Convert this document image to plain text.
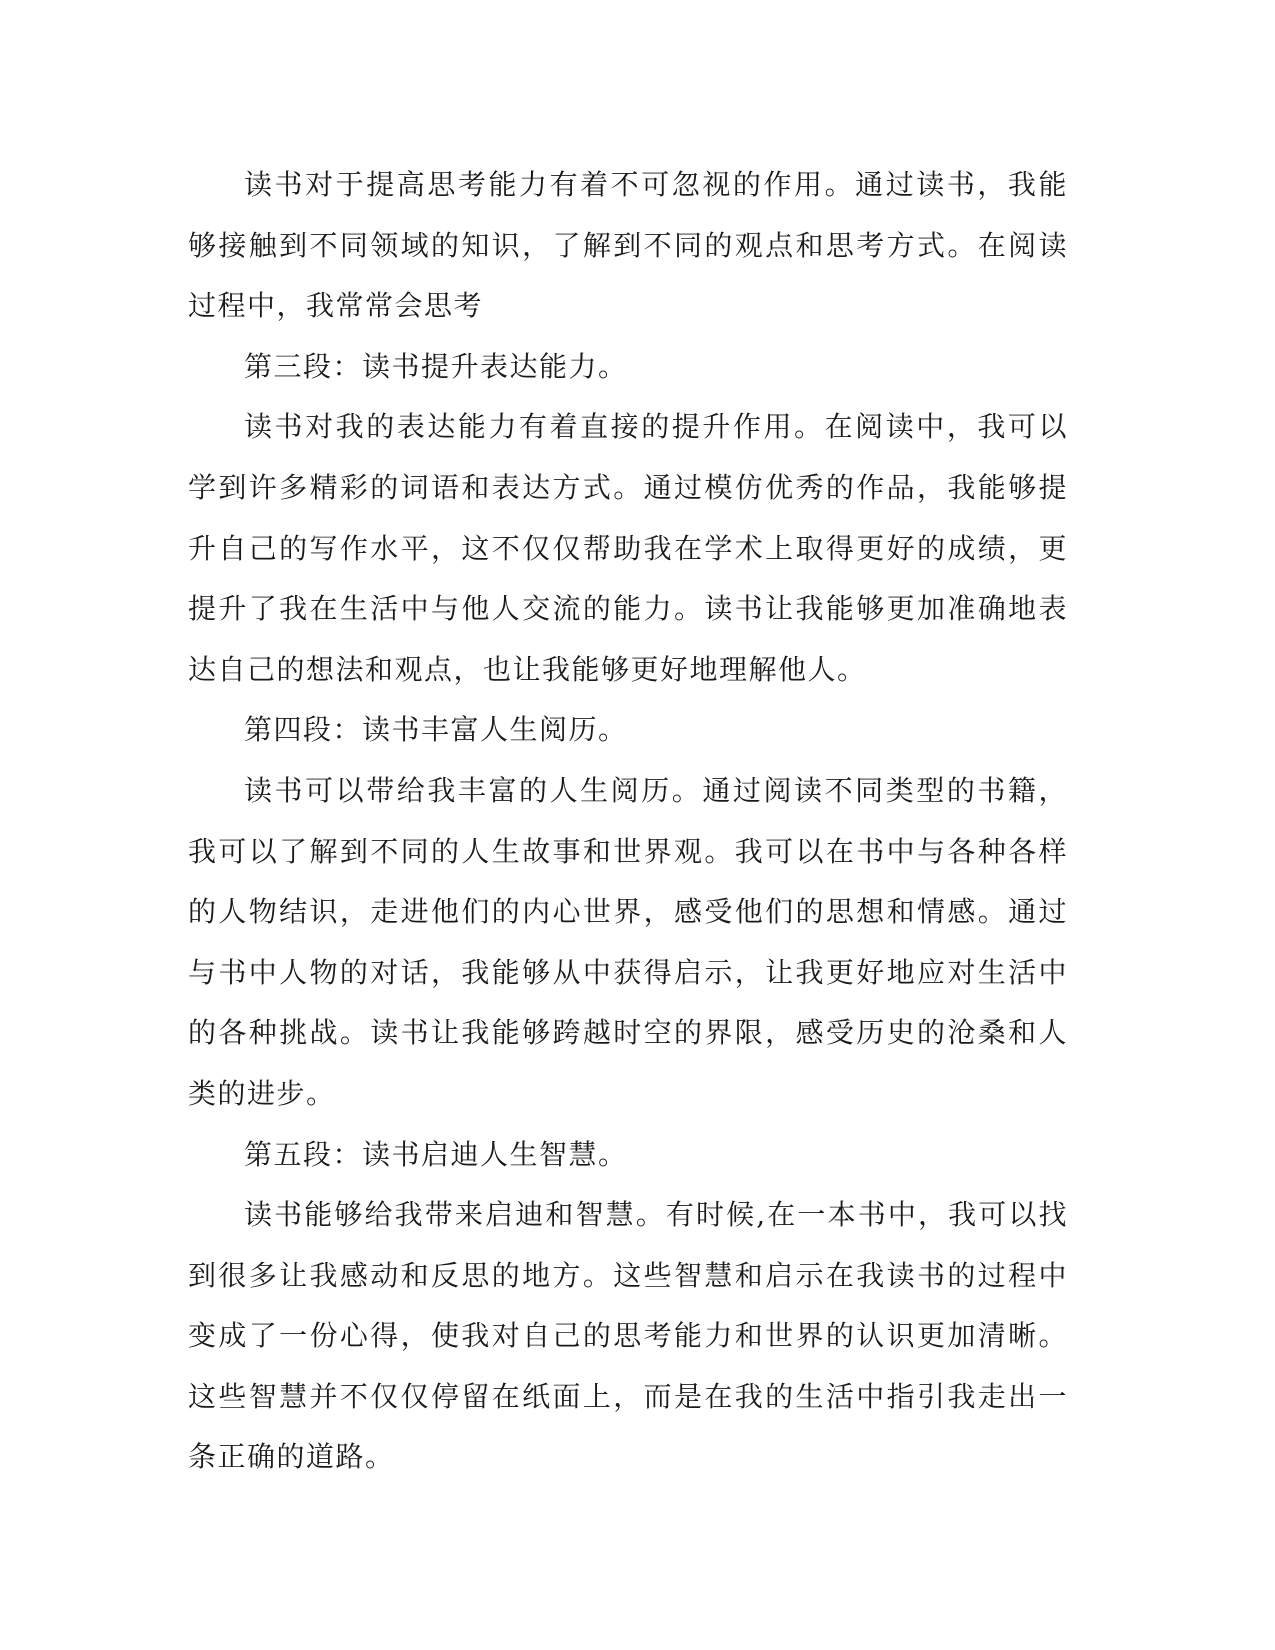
读书对于提高思考能力有着不可忽视的作用。通过读书，我能够接触到不同领域的知识，了解到不同的观点和思考方式。在阅读过程中，我常常会思考

第三段：读书提升表达能力。

读书对我的表达能力有着直接的提升作用。在阅读中，我可以学到许多精彩的词语和表达方式。通过模仿优秀的作品，我能够提升自己的写作水平，这不仅仅帮助我在学术上取得更好的成绩，更提升了我在生活中与他人交流的能力。读书让我能够更加准确地表达自己的想法和观点，也让我能够更好地理解他人。

第四段：读书丰富人生阅历。

读书可以带给我丰富的人生阅历。通过阅读不同类型的书籍，我可以了解到不同的人生故事和世界观。我可以在书中与各种各样的人物结识，走进他们的内心世界，感受他们的思想和情感。通过与书中人物的对话，我能够从中获得启示，让我更好地应对生活中的各种挑战。读书让我能够跨越时空的界限，感受历史的沧桑和人类的进步。

第五段：读书启迪人生智慧。

读书能够给我带来启迪和智慧。有时候,在一本书中，我可以找到很多让我感动和反思的地方。这些智慧和启示在我读书的过程中变成了一份心得，使我对自己的思考能力和世界的认识更加清晰。这些智慧并不仅仅停留在纸面上，而是在我的生活中指引我走出一条正确的道路。
